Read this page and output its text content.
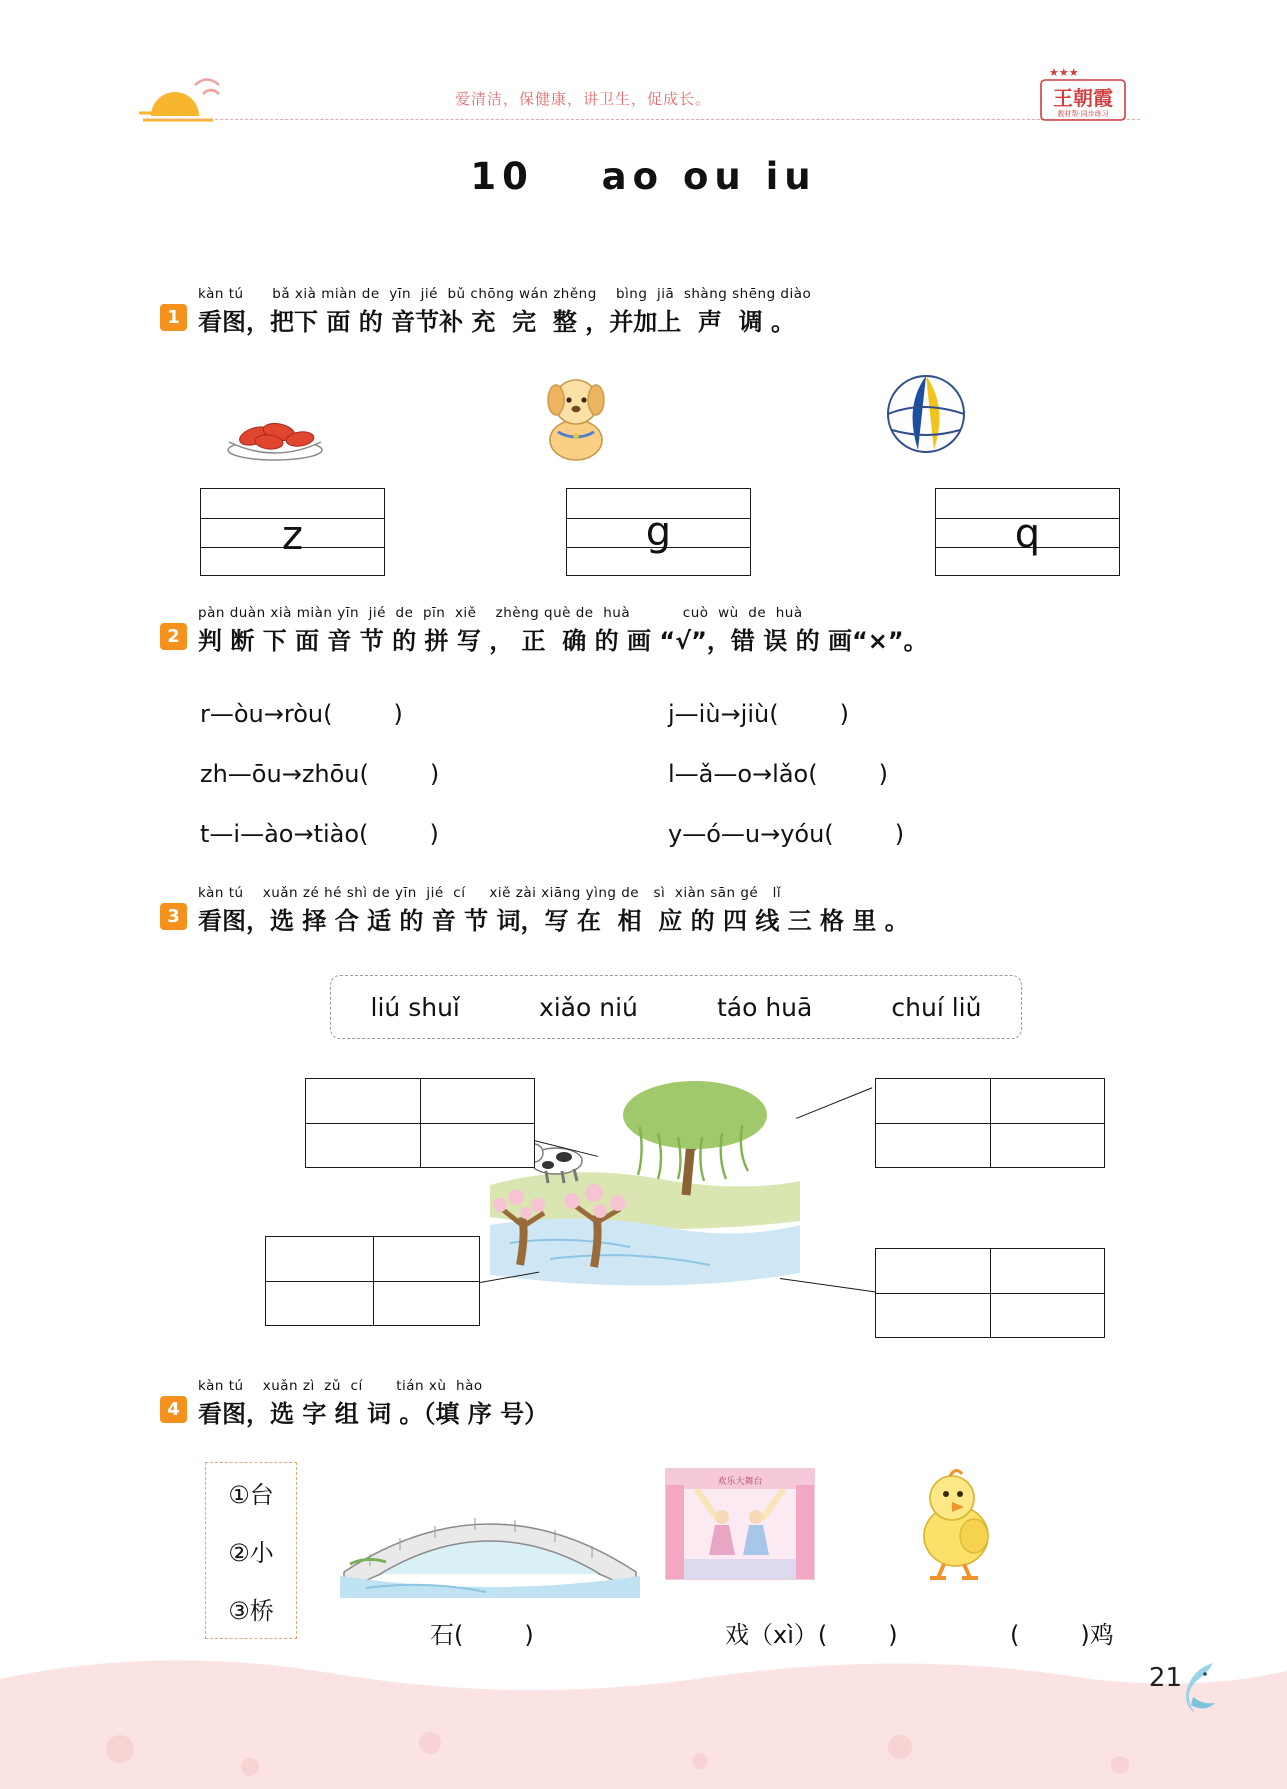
爱清洁，保健康，讲卫生，促成长。
★★★
王朝霞
教材帮·同步练习
10 ao ou iu
1
kàn tú      bǎ xià miàn de  yīn  jié  bǔ chōng wán zhěng    bìng  jiā  shàng shēng diào
看图，把下 面 的 音节补 充  完  整 ，并加上  声  调 。
z	g	q
2
pàn duàn xià miàn yīn  jié  de  pīn  xiě    zhèng què de  huà           cuò  wù  de  huà
判 断 下 面 音 节 的 拼 写 ， 正  确 的 画 “√”，错 误 的 画“×”。
r—òu→ròu(        )	j—iù→jiù(        )
zh—ōu→zhōu(        )	l—ǎ—o→lǎo(        )
t—i—ào→tiào(        )	y—ó—u→yóu(        )
3
kàn tú    xuǎn zé hé shì de yīn  jié  cí     xiě zài xiāng yìng de   sì  xiàn sān gé   lǐ
看图，选 择 合 适 的 音 节 词，写 在  相  应 的 四 线 三 格 里 。
liú shuǐ	xiǎo niú	táo huā	chuí liǔ
4
kàn tú    xuǎn zì  zǔ  cí       tián xù  hào
看图，选 字 组 词 。（填 序 号）
①台
②小
③桥
欢乐大舞台
石(        )	戏（xì）(        )	(        )鸡
21
